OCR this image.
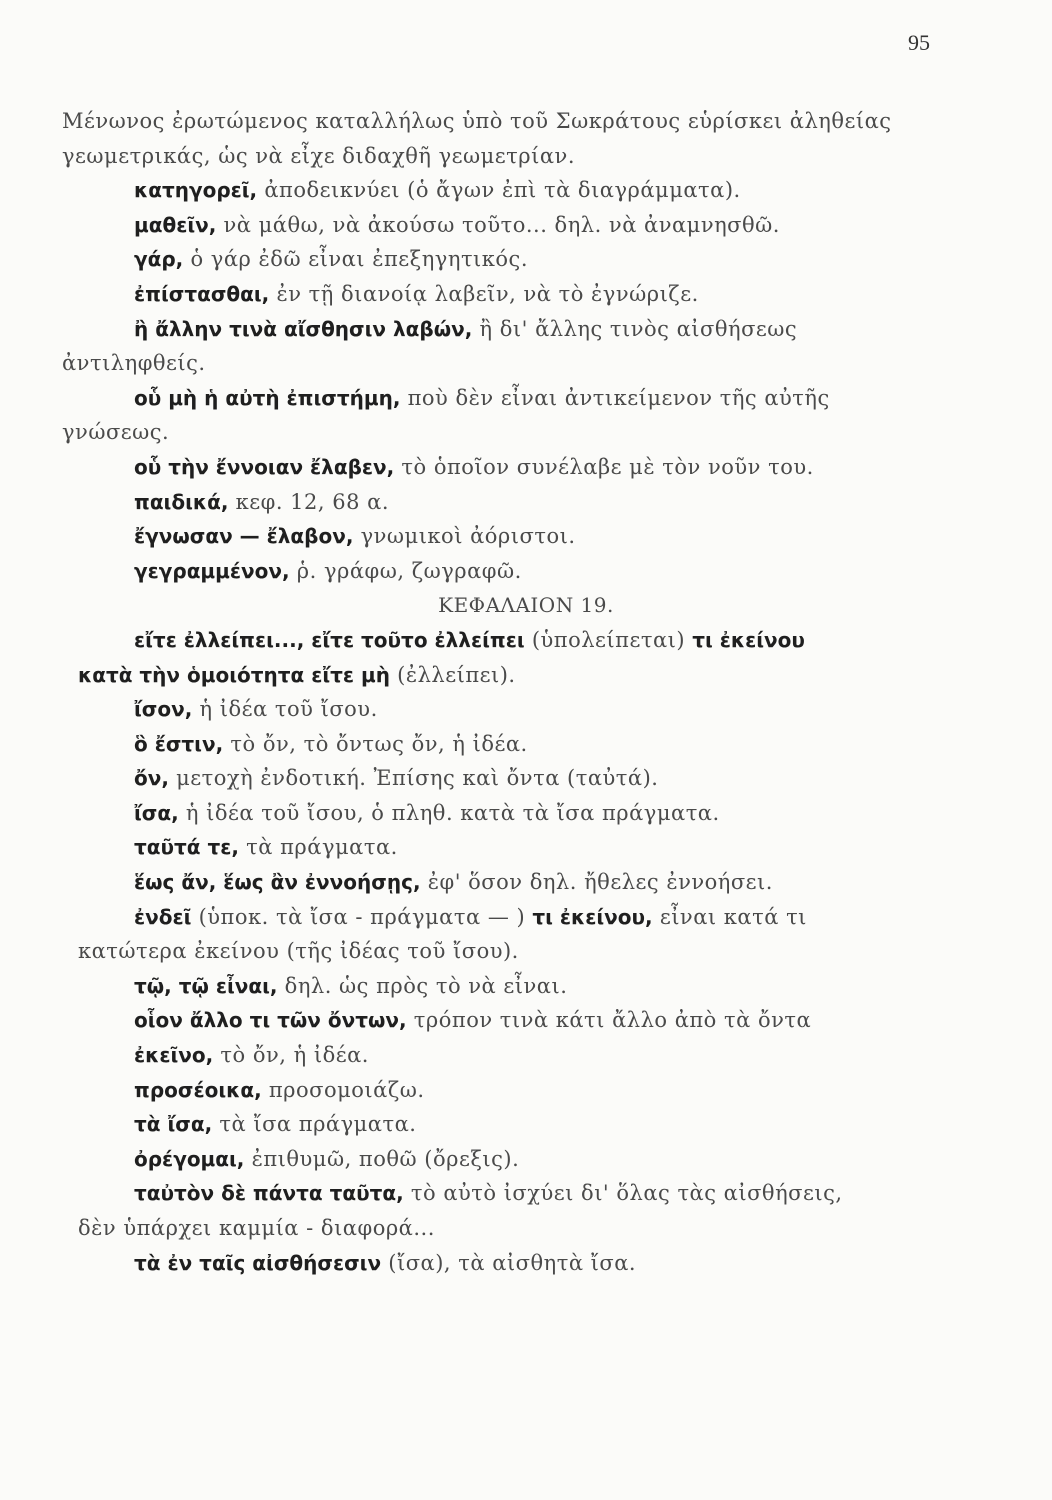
95
Μένωνος ἐρωτώμενος καταλλήλως ὑπὸ τοῦ Σωκράτους εὑρίσκει ἀληθείας
γεωμετρικάς, ὡς νὰ εἶχε διδαχθῆ γεωμετρίαν.
κατηγορεῖ, ἀποδεικνύει (ὁ ἄγων ἐπὶ τὰ διαγράμματα).
μαθεῖν, νὰ μάθω, νὰ ἀκούσω τοῦτο... δηλ. νὰ ἀναμνησθῶ.
γάρ, ὁ γάρ ἐδῶ εἶναι ἐπεξηγητικός.
ἐπίστασθαι, ἐν τῇ διανοίᾳ λαβεῖν, νὰ τὸ ἐγνώριζε.
ἢ ἄλλην τινὰ αἴσθησιν λαβών, ἢ δι' ἄλλης τινὸς αἰσθήσεως
ἀντιληφθείς.
οὗ μὴ ἡ αὐτὴ ἐπιστήμη, ποὺ δὲν εἶναι ἀντικείμενον τῆς αὐτῆς
γνώσεως.
οὗ τὴν ἔννοιαν ἔλαβεν, τὸ ὁποῖον συνέλαβε μὲ τὸν νοῦν του.
παιδικά, κεφ. 12, 68 α.
ἔγνωσαν — ἔλαβον, γνωμικοὶ ἀόριστοι.
γεγραμμένον, ῥ. γράφω, ζωγραφῶ.
ΚΕΦΑΛΑΙΟΝ 19.
εἴτε ἐλλείπει..., εἴτε τοῦτο ἐλλείπει (ὑπολείπεται) τι ἐκείνου
κατὰ τὴν ὁμοιότητα εἴτε μὴ (ἐλλείπει).
ἴσον, ἡ ἰδέα τοῦ ἴσου.
ὃ ἔστιν, τὸ ὄν, τὸ ὄντως ὄν, ἡ ἰδέα.
ὄν, μετοχὴ ἐνδοτική. Ἐπίσης καὶ ὄντα (ταὐτά).
ἴσα, ἡ ἰδέα τοῦ ἴσου, ὁ πληθ. κατὰ τὰ ἴσα πράγματα.
ταῦτά τε, τὰ πράγματα.
ἕως ἄν, ἕως ἂν ἐννοήσῃς, ἐφ' ὅσον δηλ. ἤθελες ἐννοήσει.
ἐνδεῖ (ὑποκ. τὰ ἴσα - πράγματα — ) τι ἐκείνου, εἶναι κατά τι
κατώτερα ἐκείνου (τῆς ἰδέας τοῦ ἴσου).
τῷ, τῷ εἶναι, δηλ. ὡς πρὸς τὸ νὰ εἶναι.
οἷον ἄλλο τι τῶν ὄντων, τρόπον τινὰ κάτι ἄλλο ἀπὸ τὰ ὄντα
ἐκεῖνο, τὸ ὄν, ἡ ἰδέα.
προσέοικα, προσομοιάζω.
τὰ ἴσα, τὰ ἴσα πράγματα.
ὀρέγομαι, ἐπιθυμῶ, ποθῶ (ὄρεξις).
ταὐτὸν δὲ πάντα ταῦτα, τὸ αὐτὸ ἰσχύει δι' ὅλας τὰς αἰσθήσεις,
δὲν ὑπάρχει καμμία - διαφορά...
τὰ ἐν ταῖς αἰσθήσεσιν (ἴσα), τὰ αἰσθητὰ ἴσα.
